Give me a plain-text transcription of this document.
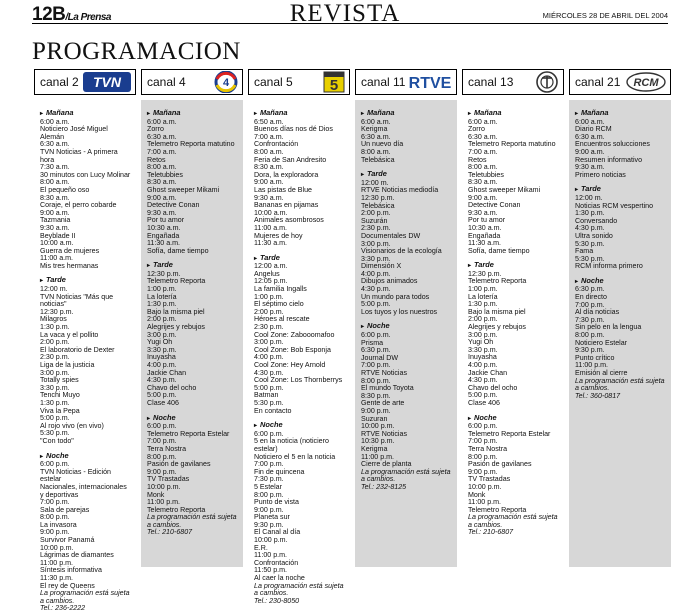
12B/La Prensa	REVISTA	MIÉRCOLES 28 DE ABRIL DEL 2004
PROGRAMACION
canal 2 TVN
▸ Mañana
6:00 a.m.
Noticiero José Miguel Alemán
6:30 a.m.
TVN Noticias - A primera hora
7:30 a.m.
30 minutos con Lucy Molinar
8:00 a.m.
El pequeño oso
8:30 a.m.
Coraje, el perro cobarde
9:00 a.m.
Tazmania
9:30 a.m.
Beyblade II
10:00 a.m.
Guerra de mujeres
11:00 a.m.
Mis tres hermanas
▸ Tarde
12:00 m.
TVN Noticias "Más que noticias"
12:30 p.m.
Milagros
1:30 p.m.
La vaca y el pollito
2:00 p.m.
El laboratorio de Dexter
2:30 p.m.
Liga de la justicia
3:00 p.m.
Totally spies
3:30 p.m.
Tenchi Muyo
1:30 p.m.
Viva la Pepa
5:00 p.m.
Al rojo vivo (en vivo)
5:30 p.m.
"Con todo"
▸ Noche
6:00 p.m.
TVN Noticias - Edición estelar
Nacionales, internacionales y deportivas
7:00 p.m.
Sala de parejas
8:00 p.m.
La invasora
9:00 p.m.
Survivor Panamá
10:00 p.m.
Lágrimas de diamantes
11:00 p.m.
Síntesis informativa
11:30 p.m.
El rey de Queens
La programación está sujeta a cambios.
Tel.: 236-2222
canal 4	4
▸ Mañana
6:00 a.m.
Zorro
6:30 a.m.
Telemetro Reporta matutino
7:00 a.m.
Retos
8:00 a.m.
Teletubbies
8:30 a.m.
Ghost sweeper Mikami
9:00 a.m.
Detective Conan
9:30 a.m.
Por tu amor
10:30 a.m.
Engañada
11:30 a.m.
Sofía, dame tiempo
▸ Tarde
12:30 p.m.
Telemetro Reporta
1:00 p.m.
La lotería
1:30 p.m.
Bajo la misma piel
2:00 p.m.
Alegrijes y rebujos
3:00 p.m.
Yugi Oh
3:30 p.m.
Inuyasha
4:00 p.m.
Jackie Chan
4:30 p.m.
Chavo del ocho
5:00 p.m.
Clase 406
▸ Noche
6:00 p.m.
Telemetro Reporta Estelar
7:00 p.m.
Terra Nostra
8:00 p.m.
Pasión de gavilanes
9:00 p.m.
TV Trastadas
10:00 p.m.
Monk
11:00 p.m.
Telemetro Reporta
La programación está sujeta a cambios.
Tel.: 210-6807
canal 5 5
▸ Mañana
6:50 a.m.
Buenos días nos dé Dios
7:00 a.m.
Confrontación
8:00 a.m.
Feria de San Andresito
8:30 a.m.
Dora, la exploradora
9:00 a.m.
Las pistas de Blue
9:30 a.m.
Bananas en pijamas
10:00 a.m.
Animales asombrosos
11:00 a.m.
Mujeres de hoy
11:30 a.m.
▸ Tarde
12:00 a.m.
Angelus
12:05 p.m.
La familia Ingalls
1:00 p.m.
El séptimo cielo
2:00 p.m.
Héroes al rescate
2:30 p.m.
Cool Zone: Zabooomafoo
3:00 p.m.
Cool Zone: Bob Esponja
4:00 p.m.
Cool Zone: Hey Arnold
4:30 p.m.
Cool Zone: Los Thornberrys
5:00 p.m.
Batman
5:30 p.m.
En contacto
▸ Noche
6:00 p.m.
5 en la noticia (noticiero estelar)
Noticiero el 5 en la noticia
7:00 p.m.
Fin de quincena
7:30 p.m.
5 Estelar
8:00 p.m.
Punto de vista
9:00 p.m.
Planeta sur
9:30 p.m.
El Canal al día
10:00 p.m.
E.R.
11:00 p.m.
Confrontación
11:50 p.m.
Al caer la noche
La programación está sujeta a cambios.
Tel.: 230-8050
canal 11 RTVE
▸ Mañana
6:00 a.m.
Kerigma
6:30 a.m.
Un nuevo día
8:00 a.m.
Telebásica
▸ Tarde
12:00 m.
RTVE Noticias mediodía
12:30 p.m.
Telebásica
2:00 p.m.
Suzurán
2:30 p.m.
Documentales DW
3:00 p.m.
Visionarios de la ecología
3:30 p.m.
Dimensión X
4:00 p.m.
Dibujos animados
4:30 p.m.
Un mundo para todos
5:00 p.m.
Los tuyos y los nuestros
▸ Noche
6:00 p.m.
Prisma
6:30 p.m.
Journal DW
7:00 p.m.
RTVE Noticias
8:00 p.m.
El mundo Toyota
8:30 p.m.
Gente de arte
9:00 p.m.
Suzuran
10:00 p.m.
RTVE Noticias
10:30 p.m.
Kerigma
11:00 p.m.
Cierre de planta
La programación está sujeta a cambios.
Tel.: 232-8125
canal 13
▸ Mañana
6:00 a.m.
Zorro
6:30 a.m.
Telemetro Reporta matutino
7:00 a.m.
Retos
8:00 a.m.
Teletubbies
8:30 a.m.
Ghost sweeper Mikami
9:00 a.m.
Detective Conan
9:30 a.m.
Por tu amor
10:30 a.m.
Engañada
11:30 a.m.
Sofía, dame tiempo
▸ Tarde
12:30 p.m.
Telemetro Reporta
1:00 p.m.
La lotería
1:30 p.m.
Bajo la misma piel
2:00 p.m.
Alegrijes y rebujos
3:00 p.m.
Yugi Oh
3:30 p.m.
Inuyasha
4:00 p.m.
Jackie Chan
4:30 p.m.
Chavo del ocho
5:00 p.m.
Clase 406
▸ Noche
6:00 p.m.
Telemetro Reporta Estelar
7:00 p.m.
Terra Nostra
8:00 p.m.
Pasión de gavilanes
9:00 p.m.
TV Trastadas
10:00 p.m.
Monk
11:00 p.m.
Telemetro Reporta
La programación está sujeta a cambios.
Tel.: 210-6807
canal 21 RCM
▸ Mañana
6:00 a.m.
Diario RCM
6:30 a.m.
Encuentros solucciones
9:00 a.m.
Resumen informativo
9:30 a.m.
Primero noticias
▸ Tarde
12:00 m.
Noticias RCM vespertino
1:30 p.m.
Conversando
4:30 p.m.
Ultra sonido
5:30 p.m.
Fama
5:30 p.m.
RCM informa primero
▸ Noche
6:30 p.m.
En directo
7:00 p.m.
Al día noticias
7:30 p.m.
Sin pelo en la lengua
8:00 p.m.
Noticiero Estelar
9:30 p.m.
Punto crítico
11:00 p.m.
Emisión al cierre
La programación está sujeta a cambios.
Tel.: 360-0817
